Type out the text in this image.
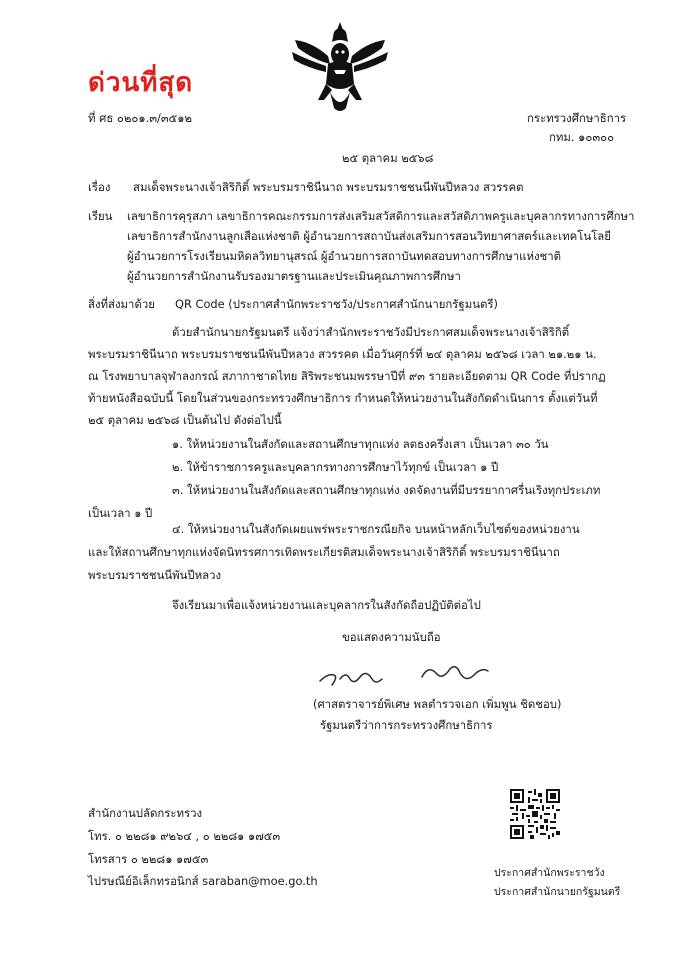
ด่วนที่สุด
ที่ ศธ ๐๒๐๑.๓/๓๕๑๒	กระทรวงศึกษาธิการ
กทม. ๑๐๓๐๐
๒๕ ตุลาคม ๒๕๖๘
เรื่อง สมเด็จพระนางเจ้าสิริกิติ์ พระบรมราชินีนาถ พระบรมราชชนนีพันปีหลวง สวรรคต
เรียน เลขาธิการคุรุสภา เลขาธิการคณะกรรมการส่งเสริมสวัสดิการและสวัสดิภาพครูและบุคลากรทางการศึกษา
เลขาธิการสำนักงานลูกเสือแห่งชาติ ผู้อำนวยการสถาบันส่งเสริมการสอนวิทยาศาสตร์และเทคโนโลยี
ผู้อำนวยการโรงเรียนมหิดลวิทยานุสรณ์ ผู้อำนวยการสถาบันทดสอบทางการศึกษาแห่งชาติ
ผู้อำนวยการสำนักงานรับรองมาตรฐานและประเมินคุณภาพการศึกษา
สิ่งที่ส่งมาด้วย QR Code (ประกาศสำนักพระราชวัง/ประกาศสำนักนายกรัฐมนตรี)
ด้วยสำนักนายกรัฐมนตรี แจ้งว่าสำนักพระราชวังมีประกาศสมเด็จพระนางเจ้าสิริกิติ์
พระบรมราชินีนาถ พระบรมราชชนนีพันปีหลวง สวรรคต เมื่อวันศุกร์ที่ ๒๔ ตุลาคม ๒๕๖๘ เวลา ๒๑.๒๑ น.
ณ โรงพยาบาลจุฬาลงกรณ์ สภากาชาดไทย สิริพระชนมพรรษาปีที่ ๙๓ รายละเอียดตาม QR Code ที่ปรากฏ
ท้ายหนังสือฉบับนี้ โดยในส่วนของกระทรวงศึกษาธิการ กำหนดให้หน่วยงานในสังกัดดำเนินการ ตั้งแต่วันที่
๒๕ ตุลาคม ๒๕๖๘ เป็นต้นไป ดังต่อไปนี้
๑. ให้หน่วยงานในสังกัดและสถานศึกษาทุกแห่ง ลดธงครึ่งเสา เป็นเวลา ๓๐ วัน
๒. ให้ข้าราชการครูและบุคลากรทางการศึกษาไว้ทุกข์ เป็นเวลา ๑ ปี
๓. ให้หน่วยงานในสังกัดและสถานศึกษาทุกแห่ง งดจัดงานที่มีบรรยากาศรื่นเริงทุกประเภท
เป็นเวลา ๑ ปี
๔. ให้หน่วยงานในสังกัดเผยแพร่พระราชกรณียกิจ บนหน้าหลักเว็บไซต์ของหน่วยงาน
และให้สถานศึกษาทุกแห่งจัดนิทรรศการเทิดพระเกียรติสมเด็จพระนางเจ้าสิริกิติ์ พระบรมราชินีนาถ
พระบรมราชชนนีพันปีหลวง
จึงเรียนมาเพื่อแจ้งหน่วยงานและบุคลากรในสังกัดถือปฏิบัติต่อไป
ขอแสดงความนับถือ
(ศาสตราจารย์พิเศษ พลตำรวจเอก เพิ่มพูน ชิดชอบ)
รัฐมนตรีว่าการกระทรวงศึกษาธิการ
สำนักงานปลัดกระทรวง
โทร. ๐ ๒๒๘๑ ๙๒๖๔ , ๐ ๒๒๘๑ ๑๗๕๓
โทรสาร ๐ ๒๒๘๑ ๑๗๕๓
ไปรษณีย์อิเล็กทรอนิกส์ saraban@moe.go.th
ประกาศสำนักพระราชวัง
ประกาศสำนักนายกรัฐมนตรี
